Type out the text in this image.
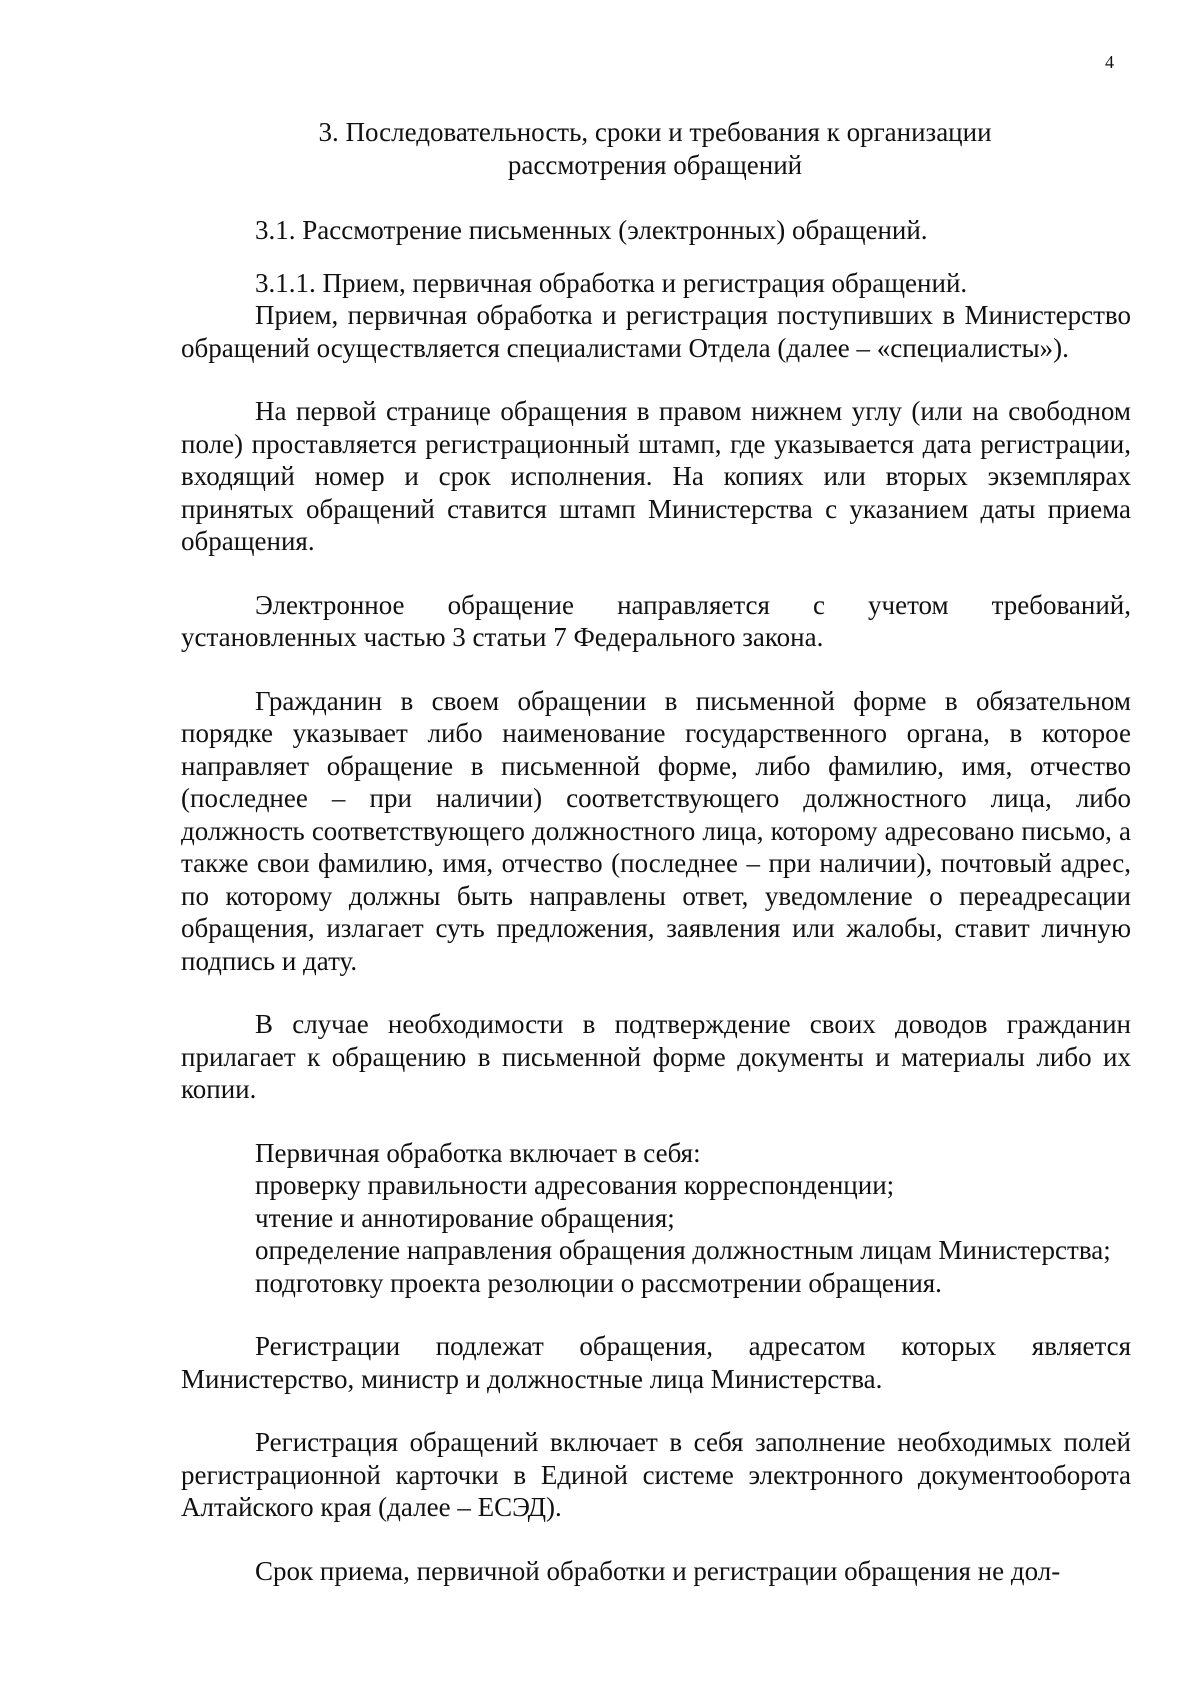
4
3. Последовательность, сроки и требования к организации
рассмотрения обращений

3.1. Рассмотрение письменных (электронных) обращений.

3.1.1. Прием, первичная обработка и регистрация обращений.

Прием, первичная обработка и регистрация поступивших в Министерство обращений осуществляется специалистами Отдела (далее – «специалисты»).

На первой странице обращения в правом нижнем углу (или на свободном поле) проставляется регистрационный штамп, где указывается дата регистрации, входящий номер и срок исполнения. На копиях или вторых экземплярах принятых обращений ставится штамп Министерства с указанием даты приема обращения.

Электронное обращение направляется с учетом требований, установленных частью 3 статьи 7 Федерального закона.

Гражданин в своем обращении в письменной форме в обязательном порядке указывает либо наименование государственного органа, в которое направляет обращение в письменной форме, либо фамилию, имя, отчество (последнее – при наличии) соответствующего должностного лица, либо должность соответствующего должностного лица, которому адресовано письмо, а также свои фамилию, имя, отчество (последнее – при наличии), почтовый адрес, по которому должны быть направлены ответ, уведомление о переадресации обращения, излагает суть предложения, заявления или жалобы, ставит личную подпись и дату.

В случае необходимости в подтверждение своих доводов гражданин прилагает к обращению в письменной форме документы и материалы либо их копии.

Первичная обработка включает в себя:

проверку правильности адресования корреспонденции;

чтение и аннотирование обращения;

определение направления обращения должностным лицам Министерства;

подготовку проекта резолюции о рассмотрении обращения.

Регистрации подлежат обращения, адресатом которых является Министерство, министр и должностные лица Министерства.

Регистрация обращений включает в себя заполнение необходимых полей регистрационной карточки в Единой системе электронного документооборота Алтайского края (далее – ЕСЭД).

Срок приема, первичной обработки и регистрации обращения не дол-
